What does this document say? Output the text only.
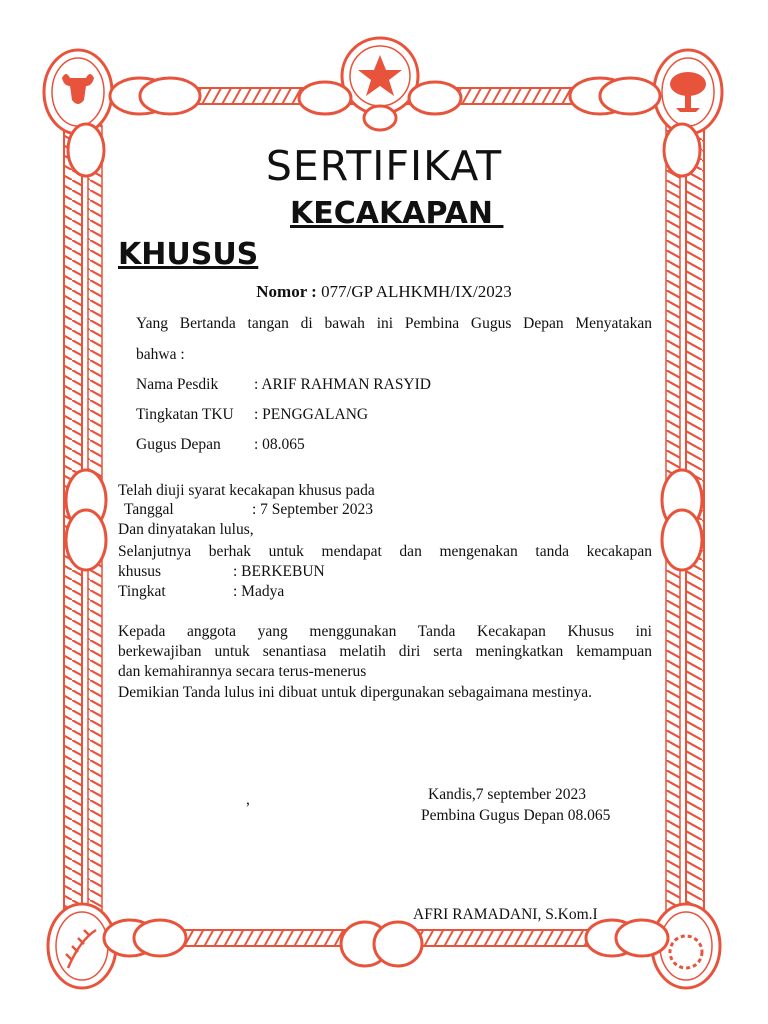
SERTIFIKAT
KECAKAPAN
KHUSUS
Nomor : 077/GP ALHKMH/IX/2023
Yang Bertanda tangan di bawah ini Pembina Gugus Depan Menyatakan
bahwa :
Nama Pesdik : ARIF RAHMAN RASYID
Tingkatan TKU : PENGGALANG
Gugus Depan : 08.065
Telah diuji syarat kecakapan khusus pada
Tanggal	: 7 September 2023
Dan dinyatakan lulus,
Selanjutnya berhak untuk mendapat dan mengenakan tanda kecakapan
khusus	: BERKEBUN
Tingkat	: Madya
Kepada anggota yang menggunakan Tanda Kecakapan Khusus ini
berkewajiban untuk senantiasa melatih diri serta meningkatkan kemampuan
dan kemahirannya secara terus-menerus
Demikian Tanda lulus ini dibuat untuk dipergunakan sebagaimana mestinya.
,	Kandis,7 september 2023
Pembina Gugus Depan 08.065
AFRI RAMADANI, S.Kom.I
